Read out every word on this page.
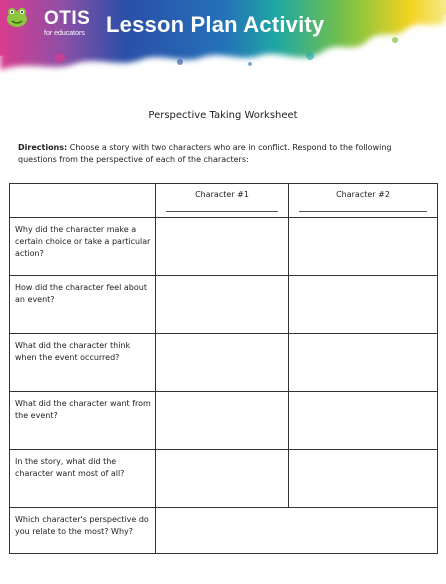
OTIS
for educators Lesson Plan Activity
Perspective Taking Worksheet
Directions: Choose a story with two characters who are in conflict. Respond to the following questions from the perspective of each of the characters:

	Character #1	Character #2

Why did the character make a certain choice or take a particular action?		
How did the character feel about an event?		
What did the character think when the event occurred?		
What did the character want from the event?		
In the story, what did the character want most of all?		
Which character's perspective do you relate to the most? Why?		
